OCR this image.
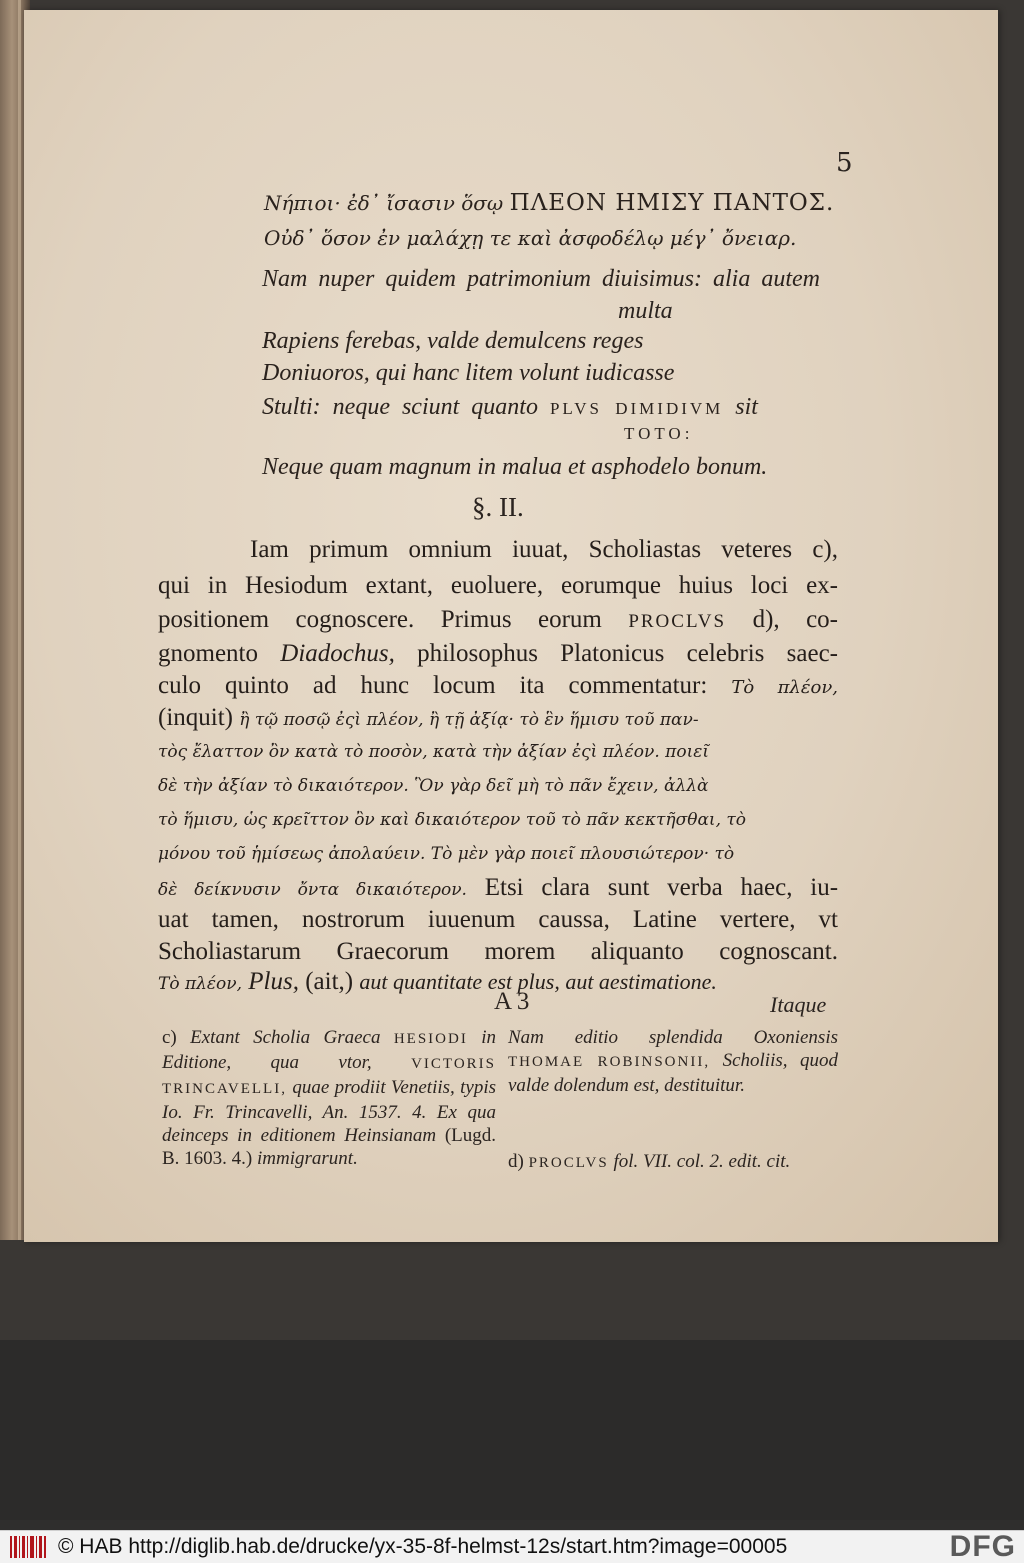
5
Νήπιοι· ἐδ᾽ ἴσασιν ὅσῳ ΠΛΕΟΝ ΗΜΙΣΥ ΠΑΝΤΟΣ.
Οὐδ᾽ ὅσον ἐν μαλάχῃ τε καὶ ἀσφοδέλῳ μέγ᾽ ὄνειαρ.
Nam nuper quidem patrimonium diuisimus: alia autem
multa
Rapiens ferebas, valde demulcens reges
Doniuoros, qui hanc litem volunt iudicasse
Stulti: neque sciunt quanto PLVS DIMIDIVM sit
TOTO:
Neque quam magnum in malua et asphodelo bonum.
§. II.
Iam primum omnium iuuat, Scholiastas veteres c),
qui in Hesiodum extant, euoluere, eorumque huius loci ex-
positionem cognoscere. Primus eorum PROCLVS d), co-
gnomento Diadochus, philosophus Platonicus celebris saec-
culo quinto ad hunc locum ita commentatur: Τὸ πλέον,
(inquit) ἢ τῷ ποσῷ ἐςὶ πλέον, ἢ τῇ ἀξίᾳ· τὸ ἓν ἥμισυ τοῦ παν-
τὸς ἔλαττον ὂν κατὰ τὸ ποσὸν, κατὰ τὴν ἀξίαν ἐςὶ πλέον. ποιεῖ
δὲ τὴν ἀξίαν τὸ δικαιότερον. Ὃν γὰρ δεῖ μὴ τὸ πᾶν ἔχειν, ἀλλὰ
τὸ ἥμισυ, ὡς κρεῖττον ὂν καὶ δικαιότερον τοῦ τὸ πᾶν κεκτῆσθαι, τὸ
μόνου τοῦ ἡμίσεως ἀπολαύειν. Τὸ μὲν γὰρ ποιεῖ πλουσιώτερον· τὸ
δὲ δείκνυσιν ὄντα δικαιότερον. Etsi clara sunt verba haec, iu-
uat tamen, nostrorum iuuenum caussa, Latine vertere, vt
Scholiastarum Graecorum morem aliquanto cognoscant.
Τὸ πλέον, Plus, (ait,) aut quantitate est plus, aut aestimatione.
A 3	Itaque
c) Extant Scholia Graeca HESIODI in Editione, qua vtor,	VICTORIS TRINCAVELLI, quae prodiit Venetiis, typis Io. Fr. Trincavelli, An. 1537. 4. Ex qua deinceps in editionem Heinsianam (Lugd. B. 1603. 4.) immigrarunt.
Nam editio splendida Oxoniensis THOMAE ROBINSONII, Scholiis, quod valde dolendum est, destituitur.
d) PROCLVS fol. VII. col. 2. edit. cit.
© HAB http://diglib.hab.de/drucke/yx-35-8f-helmst-12s/start.htm?image=00005	DFG
